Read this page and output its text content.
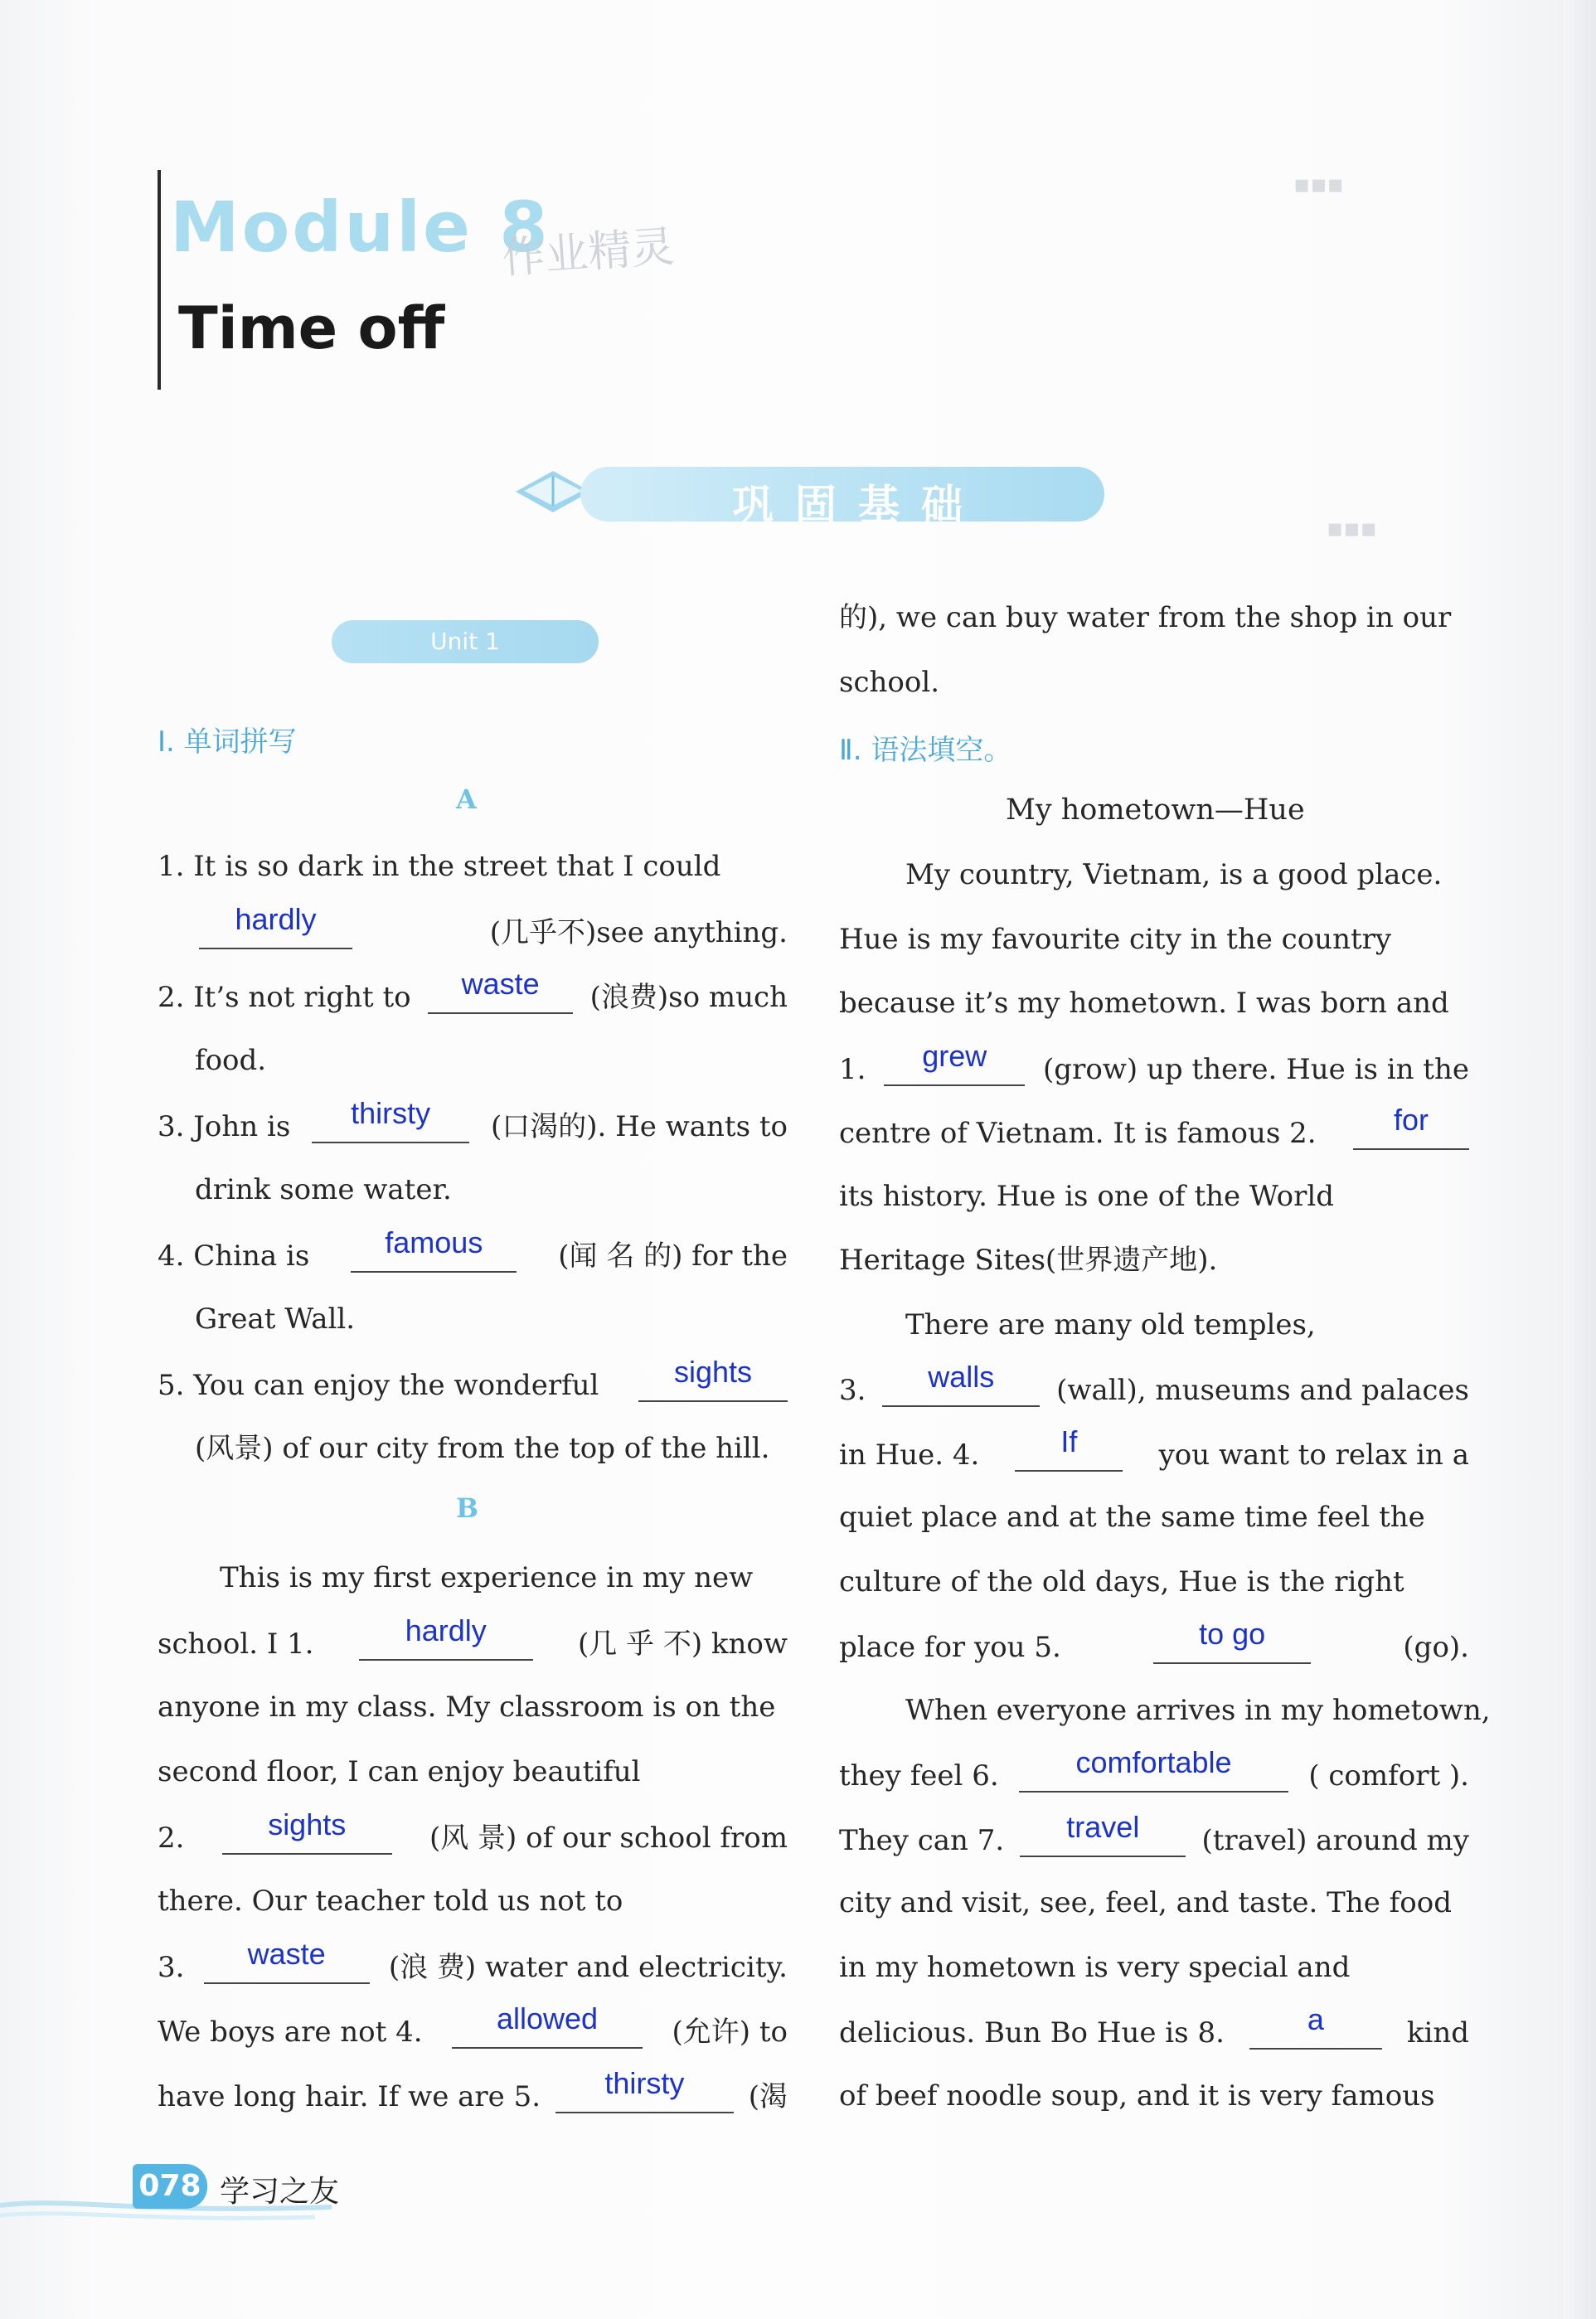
▪▪▪
▪▪▪
Module 8
作业精灵
Time off
巩固基础
Unit 1
Ⅰ. 单词拼写
A
1. It is so dark in the street that I could
hardly	(几乎不)see anything.
2. It’s not right to	waste	(浪费)so much
food.
3. John is	thirsty	(口渴的). He wants to
drink some water.
4. China is	famous	(闻 名 的) for the
Great Wall.
5. You can enjoy the wonderful	sights
(风景) of our city from the top of the hill.
B
This is my first experience in my new
school. I 1.	hardly	(几 乎 不) know
anyone in my class. My classroom is on the
second floor, I can enjoy beautiful
2.	sights	(风 景) of our school from
there. Our teacher told us not to
3.	waste	(浪 费) water and electricity.
We boys are not 4.	allowed	(允许) to
have long hair. If we are 5.	thirsty	(渴
的), we can buy water from the shop in our
school.
Ⅱ. 语法填空。
My hometown—Hue
My country, Vietnam, is a good place.
Hue is my favourite city in the country
because it’s my hometown. I was born and
1.	grew	(grow) up there. Hue is in the
centre of Vietnam. It is famous 2.	for
its history. Hue is one of the World
Heritage Sites(世界遗产地).
There are many old temples,
3.	walls	(wall), museums and palaces
in Hue. 4.	If	you want to relax in a
quiet place and at the same time feel the
culture of the old days, Hue is the right
place for you 5.	to go	(go).
When everyone arrives in my hometown,
they feel 6.	comfortable	( comfort ).
They can 7.	travel	(travel) around my
city and visit, see, feel, and taste. The food
in my hometown is very special and
delicious. Bun Bo Hue is 8.	a	kind
of beef noodle soup, and it is very famous
078 学习之友
